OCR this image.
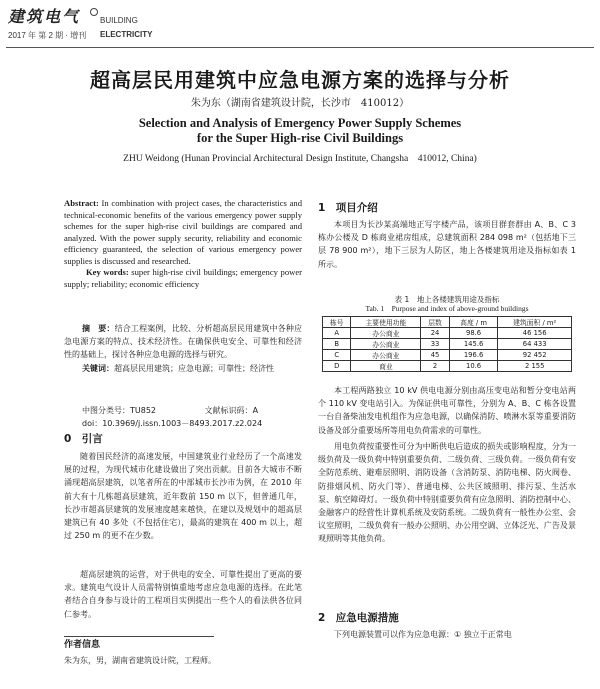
建筑电气 BUILDING
2017 年 第 2 期 · 增刊 ELECTRICITY
超高层民用建筑中应急电源方案的选择与分析
朱为东（湖南省建筑设计院，长沙市　410012）
Selection and Analysis of Emergency Power Supply Schemes
for the Super High-rise Civil Buildings
ZHU Weidong (Hunan Provincial Architectural Design Institute, Changsha　410012, China)
Abstract: In combination with project cases, the characteristics and technical-economic benefits of the various emergency power supply schemes for the super high-rise civil buildings are compared and analyzed. With the power supply security, reliability and economic efficiency guaranteed, the selection of various emergency power supplies is discussed and researched.
Key words: super high-rise civil buildings; emergency power supply; reliability; economic efficiency
摘　要：结合工程案例，比较、分析超高层民用建筑中各种应急电源方案的特点、技术经济性。在确保供电安全、可靠性和经济性的基础上，探讨各种应急电源的选择与研究。
关键词：超高层民用建筑；应急电源；可靠性；经济性
中图分类号：TU852	文献标识码：A
doi：10.3969/j.issn.1003－8493.2017.z2.024
0　引言
随着国民经济的高速发展，中国建筑业行业经历了一个高速发展的过程，为现代城市化建设做出了突出贡献。目前各大城市不断涌现超高层建筑，以笔者所在的中部城市长沙市为例，在 2010 年前大有十几栋超高层建筑，近年数前 150 m 以下，但普通几年，长沙市超高层建筑的发展速度越来越快，在建以及规划中的超高层建筑已有 40 多处（不包括住宅），最高的建筑在 400 m 以上，超过 250 m 的更不在少数。
超高层建筑的运营，对于供电的安全、可靠性提出了更高的要求。建筑电气设计人员需特别慎重地考虑应急电源的选择。在此笔者结合自身参与设计的工程项目实例提出一些个人的看法供各位同仁参考。
作者信息
朱为东，男，湖南省建筑设计院，工程师。
1　项目介绍
本项目为长沙某高端地正写字楼产品，该项目群套群由 A、B、C 3 栋办公楼及 D 栋商业裙房组成，总建筑面积 284 098 m²（包括地下三层 78 900 m²），地下三层为人防区，地上各楼建筑用途及指标如表 1 所示。
表 1　地上各楼建筑用途及指标
Tab. 1　Purpose and index of above-ground buildings
栋号	主要使用功能	层数	高度 / m	建筑面积 / m²
A	办公商业	24	98.6	46 156
B	办公商业	33	145.6	64 433
C	办公商业	45	196.6	92 452
D	商业	2	10.6	2 155
本工程两路独立 10 kV 供电电源分别由高压变电站和暂分变电站两个 110 kV 变电站引入。为保证供电可靠性，分别为 A、B、C 栋各设置一台自备柴油发电机组作为应急电源，以确保消防、喷淋水泵等重要消防设备及部分重要场所等用电负荷需求的可靠性。
用电负荷按重要性可分为中断供电后造成的损失或影响程度，分为一级负荷及一级负荷中特别重要负荷、二级负荷、三级负荷。一级负荷有安全防范系统、避难层照明、消防设备（含消防泵、消防电梯、防火阀卷、防排烟风机、防火门等）、普通电梯、公共区域照明、排污泵、生活水泵、航空障碍灯。一级负荷中特别重要负荷有应急照明、消防控制中心、金融客户的经营性计算机系统及安防系统。二级负荷有一般性办公室、会议室照明，二级负荷有一般办公照明、办公用空调、立体泛光、广告及景观照明等其他负荷。
2　应急电源措施
下列电源装置可以作为应急电源：① 独立于正常电
